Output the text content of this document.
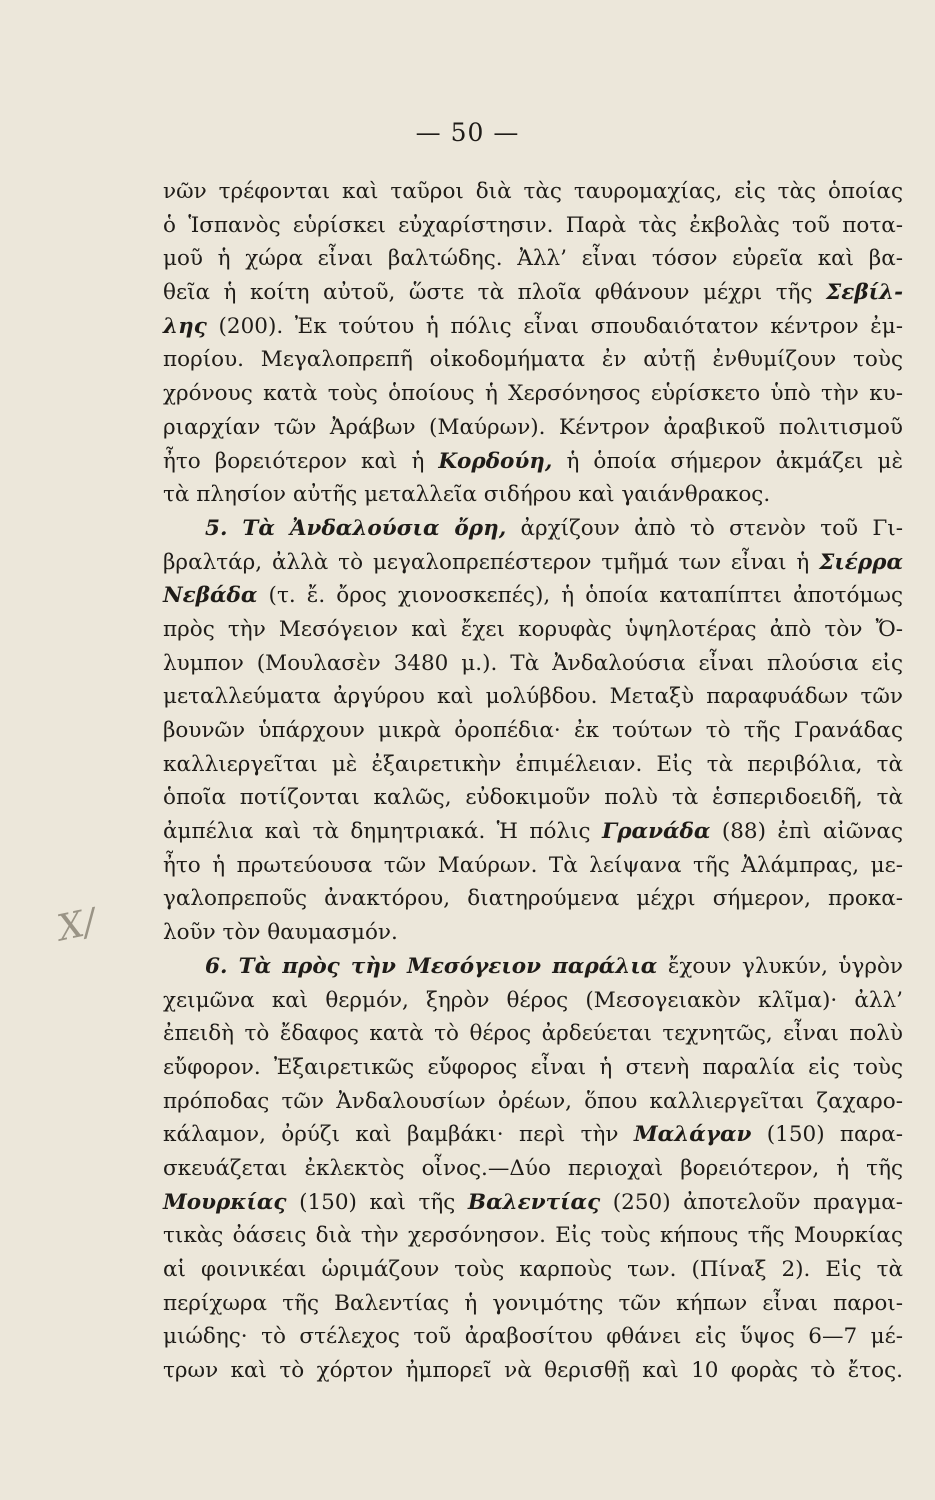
— 50 —
X/
νῶν τρέφονται καὶ ταῦροι διὰ τὰς ταυρομαχίας, εἰς τὰς ὁποίας
ὁ Ἱσπανὸς εὑρίσκει εὐχαρίστησιν. Παρὰ τὰς ἐκβολὰς τοῦ ποτα-
μοῦ ἡ χώρα εἶναι βαλτώδης. Ἀλλ’ εἶναι τόσον εὐρεῖα καὶ βα-
θεῖα ἡ κοίτη αὐτοῦ, ὥστε τὰ πλοῖα φθάνουν μέχρι τῆς Σεβίλ-
λης (200). Ἐκ τούτου ἡ πόλις εἶναι σπουδαιότατον κέντρον ἐμ-
πορίου. Μεγαλοπρεπῆ οἰκοδομήματα ἐν αὐτῇ ἐνθυμίζουν τοὺς
χρόνους κατὰ τοὺς ὁποίους ἡ Χερσόνησος εὑρίσκετο ὑπὸ τὴν κυ-
ριαρχίαν τῶν Ἀράβων (Μαύρων). Κέντρον ἀραβικοῦ πολιτισμοῦ
ἦτο βορειότερον καὶ ἡ Κορδούη, ἡ ὁποία σήμερον ἀκμάζει μὲ
τὰ πλησίον αὐτῆς μεταλλεῖα σιδήρου καὶ γαιάνθρακος.
5. Τὰ Ἀνδαλούσια ὄρη, ἀρχίζουν ἀπὸ τὸ στενὸν τοῦ Γι-
βραλτάρ, ἀλλὰ τὸ μεγαλοπρεπέστερον τμῆμά των εἶναι ἡ Σιέρρα
Νεβάδα (τ. ἔ. ὄρος χιονοσκεπές), ἡ ὁποία καταπίπτει ἀποτόμως
πρὸς τὴν Μεσόγειον καὶ ἔχει κορυφὰς ὑψηλοτέρας ἀπὸ τὸν Ὄ-
λυμπον (Μουλασὲν 3480 μ.). Τὰ Ἀνδαλούσια εἶναι πλούσια εἰς
μεταλλεύματα ἀργύρου καὶ μολύβδου. Μεταξὺ παραφυάδων τῶν
βουνῶν ὑπάρχουν μικρὰ ὀροπέδια· ἐκ τούτων τὸ τῆς Γρανάδας
καλλιεργεῖται μὲ ἐξαιρετικὴν ἐπιμέλειαν. Εἰς τὰ περιβόλια, τὰ
ὁποῖα ποτίζονται καλῶς, εὐδοκιμοῦν πολὺ τὰ ἑσπεριδοειδῆ, τὰ
ἀμπέλια καὶ τὰ δημητριακά. Ἡ πόλις Γρανάδα (88) ἐπὶ αἰῶνας
ἦτο ἡ πρωτεύουσα τῶν Μαύρων. Τὰ λείψανα τῆς Ἀλάμπρας, με-
γαλοπρεποῦς ἀνακτόρου, διατηρούμενα μέχρι σήμερον, προκα-
λοῦν τὸν θαυμασμόν.
6. Τὰ πρὸς τὴν Μεσόγειον παράλια ἔχουν γλυκύν, ὑγρὸν
χειμῶνα καὶ θερμόν, ξηρὸν θέρος (Μεσογειακὸν κλῖμα)· ἀλλ’
ἐπειδὴ τὸ ἔδαφος κατὰ τὸ θέρος ἀρδεύεται τεχνητῶς, εἶναι πολὺ
εὔφορον. Ἐξαιρετικῶς εὔφορος εἶναι ἡ στενὴ παραλία εἰς τοὺς
πρόποδας τῶν Ἀνδαλουσίων ὀρέων, ὅπου καλλιεργεῖται ζαχαρο-
κάλαμον, ὀρύζι καὶ βαμβάκι· περὶ τὴν Μαλάγαν (150) παρα-
σκευάζεται ἐκλεκτὸς οἶνος.—Δύο περιοχαὶ βορειότερον, ἡ τῆς
Μουρκίας (150) καὶ τῆς Βαλεντίας (250) ἀποτελοῦν πραγμα-
τικὰς ὀάσεις διὰ τὴν χερσόνησον. Εἰς τοὺς κήπους τῆς Μουρκίας
αἱ φοινικέαι ὡριμάζουν τοὺς καρποὺς των. (Πίναξ 2). Εἰς τὰ
περίχωρα τῆς Βαλεντίας ἡ γονιμότης τῶν κήπων εἶναι παροι-
μιώδης· τὸ στέλεχος τοῦ ἀραβοσίτου φθάνει εἰς ὕψος 6—7 μέ-
τρων καὶ τὸ χόρτον ἠμπορεῖ νὰ θερισθῇ καὶ 10 φορὰς τὸ ἔτος.
